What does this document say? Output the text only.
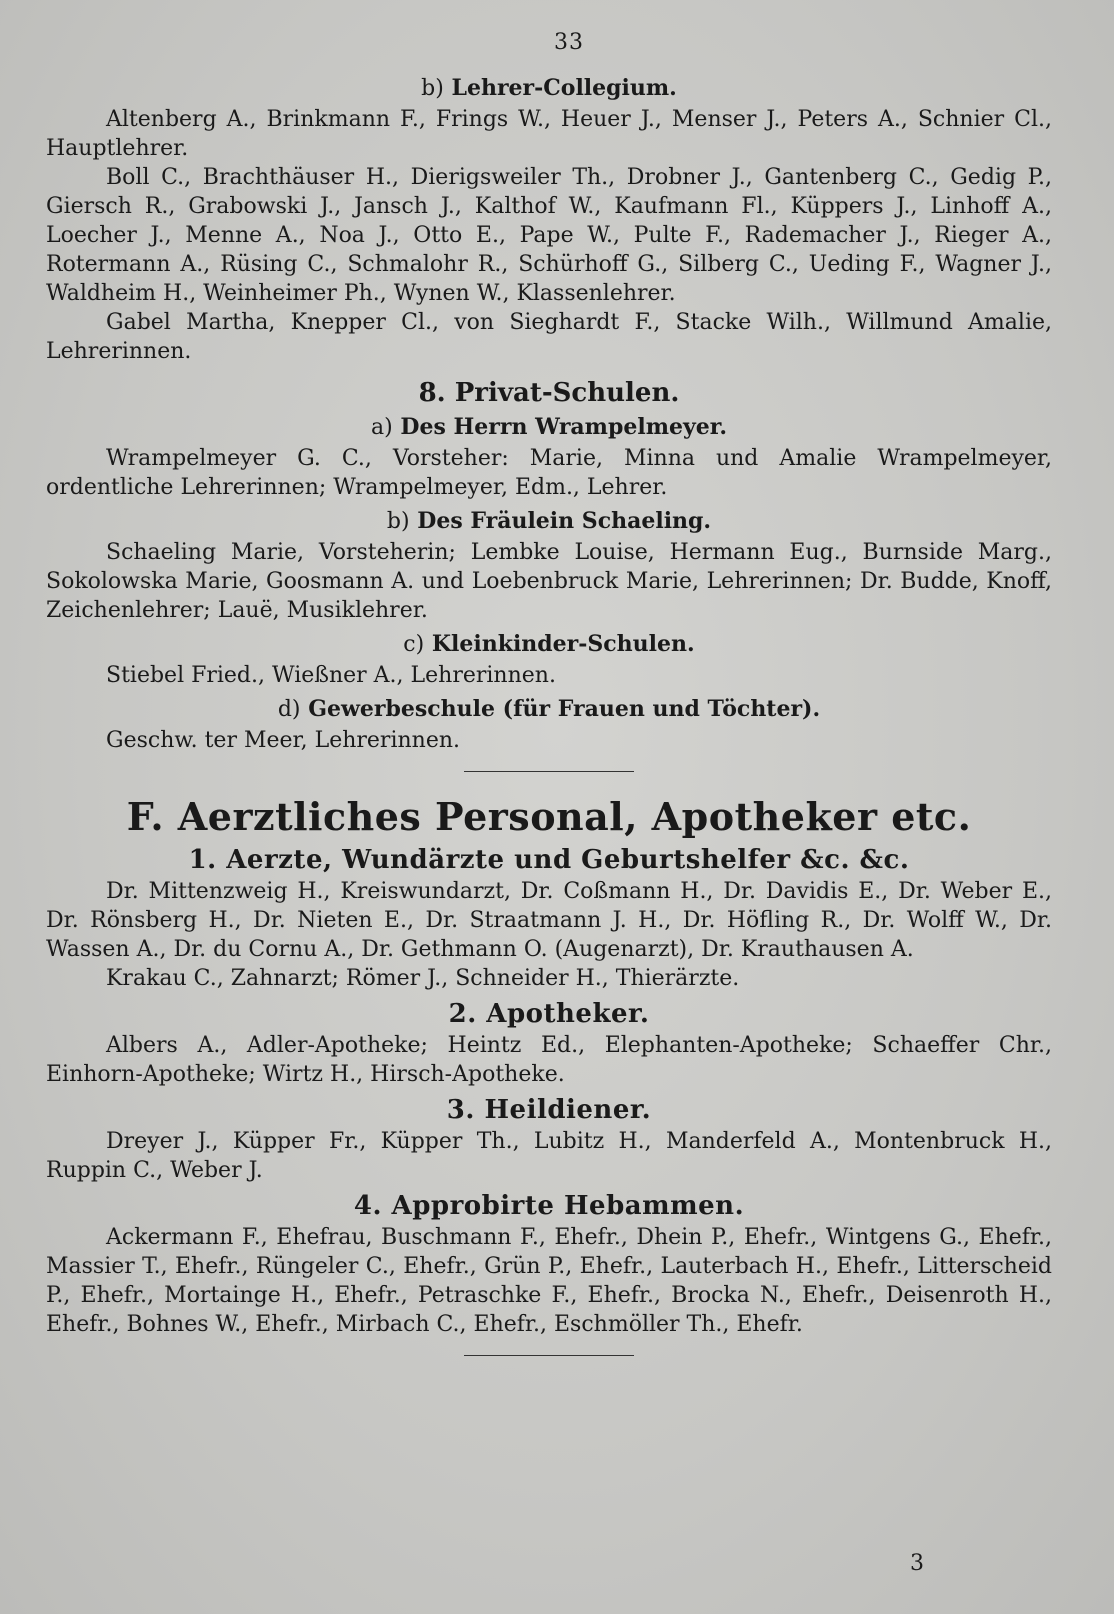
33
b) Lehrer-Collegium.

Altenberg A., Brinkmann F., Frings W., Heuer J., Menser J., Peters A., Schnier Cl., Hauptlehrer.

Boll C., Brachthäuser H., Dierigsweiler Th., Drobner J., Gantenberg C., Gedig P., Giersch R., Grabowski J., Jansch J., Kalthof W., Kaufmann Fl., Küppers J., Linhoff A., Loecher J., Menne A., Noa J., Otto E., Pape W., Pulte F., Rademacher J., Rieger A., Rotermann A., Rüsing C., Schmalohr R., Schürhoff G., Silberg C., Ueding F., Wagner J., Waldheim H., Weinheimer Ph., Wynen W., Klassenlehrer.

Gabel Martha, Knepper Cl., von Sieghardt F., Stacke Wilh., Willmund Amalie, Lehrerinnen.

8. Privat-Schulen.
a) Des Herrn Wrampelmeyer.

Wrampelmeyer G. C., Vorsteher: Marie, Minna und Amalie Wrampelmeyer, ordentliche Lehrerinnen; Wrampelmeyer, Edm., Lehrer.

b) Des Fräulein Schaeling.

Schaeling Marie, Vorsteherin; Lembke Louise, Hermann Eug., Burnside Marg., Sokolowska Marie, Goosmann A. und Loebenbruck Marie, Lehrerinnen; Dr. Budde, Knoff, Zeichenlehrer; Lauë, Musiklehrer.

c) Kleinkinder-Schulen.

Stiebel Fried., Wießner A., Lehrerinnen.

d) Gewerbeschule (für Frauen und Töchter).

Geschw. ter Meer, Lehrerinnen.

F. Aerztliches Personal, Apotheker etc.
1. Aerzte, Wundärzte und Geburtshelfer &c. &c.

Dr. Mittenzweig H., Kreiswundarzt, Dr. Coßmann H., Dr. Davidis E., Dr. Weber E., Dr. Rönsberg H., Dr. Nieten E., Dr. Straatmann J. H., Dr. Höfling R., Dr. Wolff W., Dr. Wassen A., Dr. du Cornu A., Dr. Gethmann O. (Augenarzt), Dr. Krauthausen A.

Krakau C., Zahnarzt; Römer J., Schneider H., Thierärzte.

2. Apotheker.

Albers A., Adler-Apotheke; Heintz Ed., Elephanten-Apotheke; Schaeffer Chr., Einhorn-Apotheke; Wirtz H., Hirsch-Apotheke.

3. Heildiener.

Dreyer J., Küpper Fr., Küpper Th., Lubitz H., Manderfeld A., Montenbruck H., Ruppin C., Weber J.

4. Approbirte Hebammen.

Ackermann F., Ehefrau, Buschmann F., Ehefr., Dhein P., Ehefr., Wintgens G., Ehefr., Massier T., Ehefr., Rüngeler C., Ehefr., Grün P., Ehefr., Lauterbach H., Ehefr., Litterscheid P., Ehefr., Mortainge H., Ehefr., Petraschke F., Ehefr., Brocka N., Ehefr., Deisenroth H., Ehefr., Bohnes W., Ehefr., Mirbach C., Ehefr., Eschmöller Th., Ehefr.

3
